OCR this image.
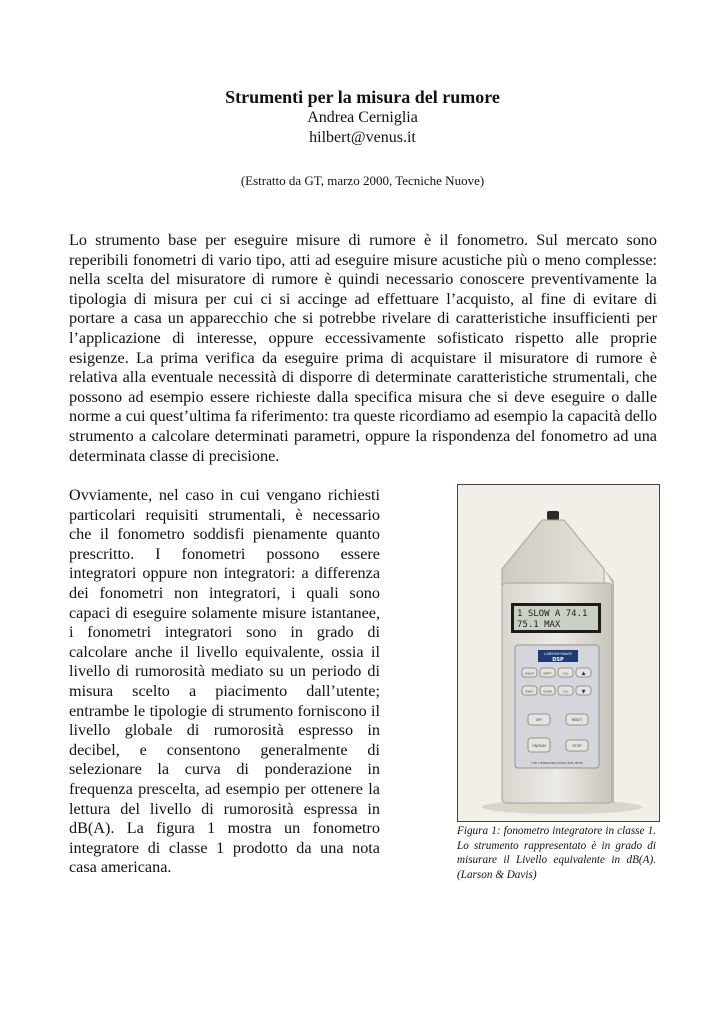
Strumenti per la misura del rumore
Andrea Cerniglia
hilbert@venus.it
(Estratto da GT, marzo 2000, Tecniche Nuove)

Lo strumento base per eseguire misure di rumore è il fonometro. Sul mercato sono reperibili fonometri di vario tipo, atti ad eseguire misure acustiche più o meno complesse: nella scelta del misuratore di rumore è quindi necessario conoscere preventivamente la tipologia di misura per cui ci si accinge ad effettuare l’acquisto, al fine di evitare di portare a casa un apparecchio che si potrebbe rivelare di caratteristiche insufficienti per l’applicazione di interesse, oppure eccessivamente sofisticato rispetto alle proprie esigenze. La prima verifica da eseguire prima di acquistare il misuratore di rumore è relativa alla eventuale necessità di disporre di determinate caratteristiche strumentali, che possono ad esempio essere richieste dalla specifica misura che si deve eseguire o dalle norme a cui quest’ultima fa riferimento: tra queste ricordiamo ad esempio la capacità dello strumento a calcolare determinati parametri, oppure la rispondenza del fonometro ad una determinata classe di precisione.

Ovviamente, nel caso in cui vengano richiesti particolari requisiti strumentali, è necessario che il fonometro soddisfi pienamente quanto prescritto. I fonometri possono essere integratori oppure non integratori: a differenza dei fonometri non integratori, i quali sono capaci di eseguire solamente misure istantanee, i fonometri integratori sono in grado di calcolare anche il livello equivalente, ossia il livello di rumorosità mediato su un periodo di misura scelto a piacimento dall’utente; entrambe le tipologie di strumento forniscono il livello globale di rumorosità espresso in decibel, e consentono generalmente di selezionare la curva di ponderazione in frequenza prescelta, ad esempio per ottenere la lettura del livello di rumorosità espressa in dB(A). La figura 1 mostra un fonometro integratore di classe 1 prodotto da una nota casa americana.

1 SLOW A 74.1
75.1 MAX
LARSON•DAVIS
DSP
WGHT	WPTY	CAL	▲
EXEC	SLOW	CAL	▼
OFF	RESET
ON/RUN	STOP
TYPE 1 INTEGRATING SOUND LEVEL METER

Figura 1: fonometro integratore in classe 1. Lo strumento rappresentato è in grado di misurare il Livello equivalente in dB(A). (Larson & Davis)
